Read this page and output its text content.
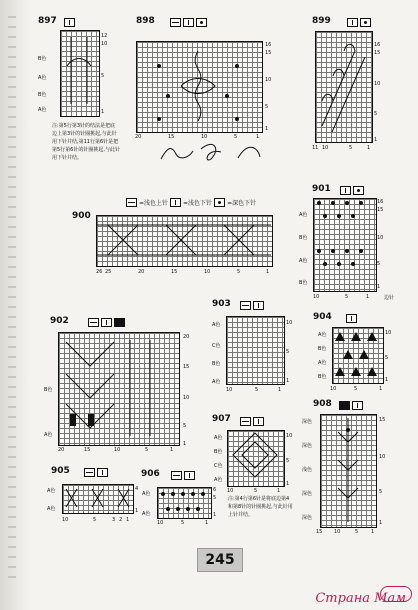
897
12
10
5
1
B色
A色
B色
A色
注:第5行第3针的结法是把底边上第3针的针圈挑起,与此针用下针并结,第11行第6针是把第5行第6针的针圈挑起,与此针用下针并结。
898
16
15
10
5
1
20	15	10	5	1
899
16
15
10
5
1
11 10	5	1
900
=浅色上针	=浅色下针	=深色下针
26 25	20	15	10	5	1
901
16
15
10
5
1
A色
B色
A色
B色
10	5	1	边针
902
20
15
10
5
1
B色
A色
20	15	10	5	1
903
10
5
1
A色
C色
B色
A色
10	5	1
904
10
5
1
A色
B色
A色
B色
10	5	1
905
4
1
A色
A色
10	5	3 2 1
906
6
5
1
A色
A色
10	5	1
907
10
5
1
A色
B色
C色
A色
10	5	1
注:第4行第6针是将底边第4和第8针的针圈挑起,与此针用上针并结。
908
15
10
5
1
深色
深色
浅色
深色
深色
15 10	5	1
245
Страна Мам
